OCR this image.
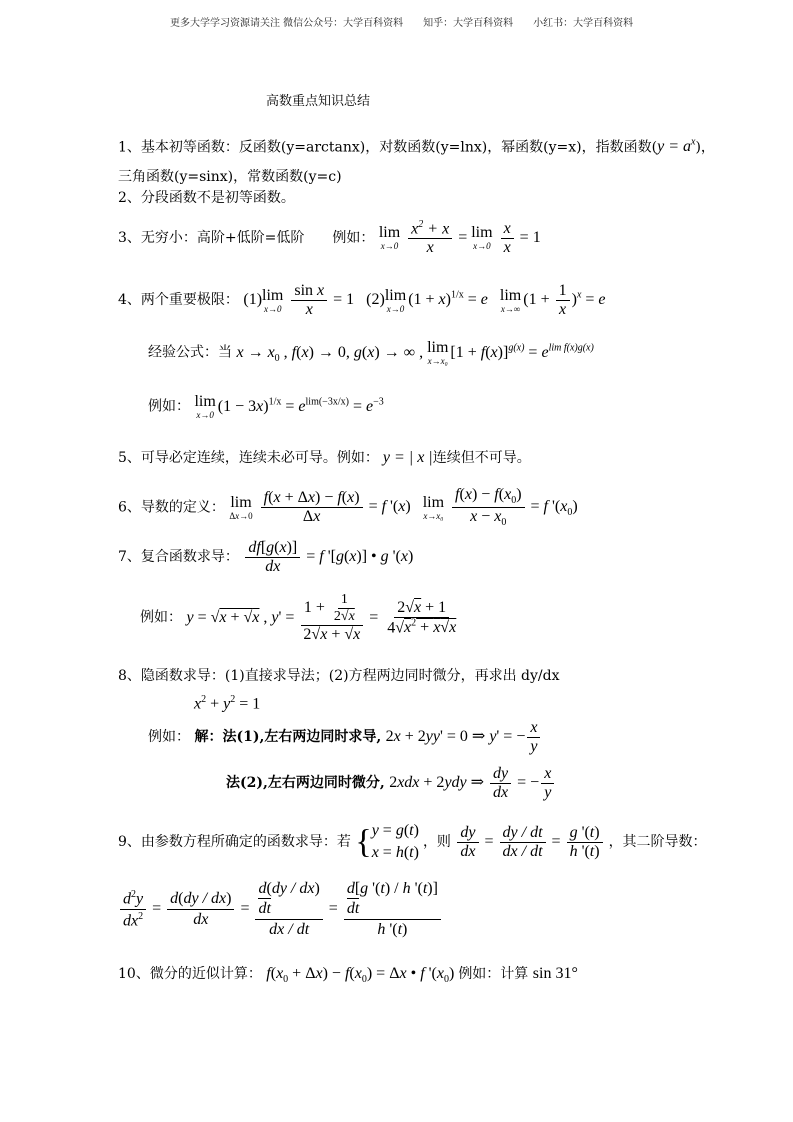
更多大学学习资源请关注 微信公众号：大学百科资料　　知乎：大学百科资料　　小红书：大学百科资料
高数重点知识总结
1、基本初等函数：反函数(y=arctanx)，对数函数(y=lnx)，幂函数(y=x)，指数函数$(y = a^x)$，
三角函数(y=sinx)，常数函数(y=c)
2、分段函数不是初等函数。
3、无穷小：高阶+低阶=低阶　　例如： lim
x→0
$\frac{x^2 + x}{x} = \lim$
x→0
$\frac{x}{x} = 1$
4、两个重要极限： (1) lim
x→0
$\frac{\text{sin x}}{x} = 1$   (2) lim
x→0
$(1 + x)^{1/x} = e$ lim
x→∞
$(1 + \frac{1}{x} )^x = e$
经验公式：当 $x \to x_0$ , f(x) → 0, g(x) → ∞ , lim
x→x₀
$[1 + f(x)]^{g(x)} = e^{lim f(x)g(x)}$
例如： lim
x→0
$(1 - 3x)^{1/x} = e^{lim(-3x/x)} = e^{-3}$
5、可导必定连续，连续未必可导。例如： y = | x |连续但不可导。
6、导数的定义： lim
Δx→0
$\frac{f(x + \Delta x) - f(x)}{\Delta x} = f$ '(x) lim
x→x₀
$\frac{f(x) - f(x_0)}{x - x_0} = f$ '$(x_0)$
7、复合函数求导： $\frac{df[g(x)]}{dx} = f$ '[g(x)] • g '(x)
例如： y = √x + √x , $y' = \frac{1 + \frac{1}{2√x}}{2√x + √x} = \frac{2√x + 1}{4√x^2 + x√x}$
8、隐函数求导：(1)直接求导法；(2)方程两边同时微分，再求出 dy/dx
$x^2 + y^2 = 1$
例如： 解：法(1),左右两边同时求导, 2x + 2yy' = 0 ⇒ y' = − $\frac{x}{y}$
法(2),左右两边同时微分, 2xdx + 2ydy ⇒ $\frac{dy}{dx}$ = − $\frac{x}{y}$
9、由参数方程所确定的函数求导：若 { y = g(t)
x = h(t)
，则 $\frac{dy}{dx} = \frac{dy / dt}{dx / dt} = \frac{g '(t)}{h '(t)}$ ，其二阶导数：
$\frac{d^2y}{dx^2} = \frac{d(dy / dx)}{dx}$ =
d(dy / dx)
dt
dx / dt
=
d[g '(t) / h '(t)]
dt
h '(t)
10、微分的近似计算： $f(x_0 + \Delta x) - f(x_0) = \Delta x$ • f '$(x_0)$ 例如：计算 sin 31°
